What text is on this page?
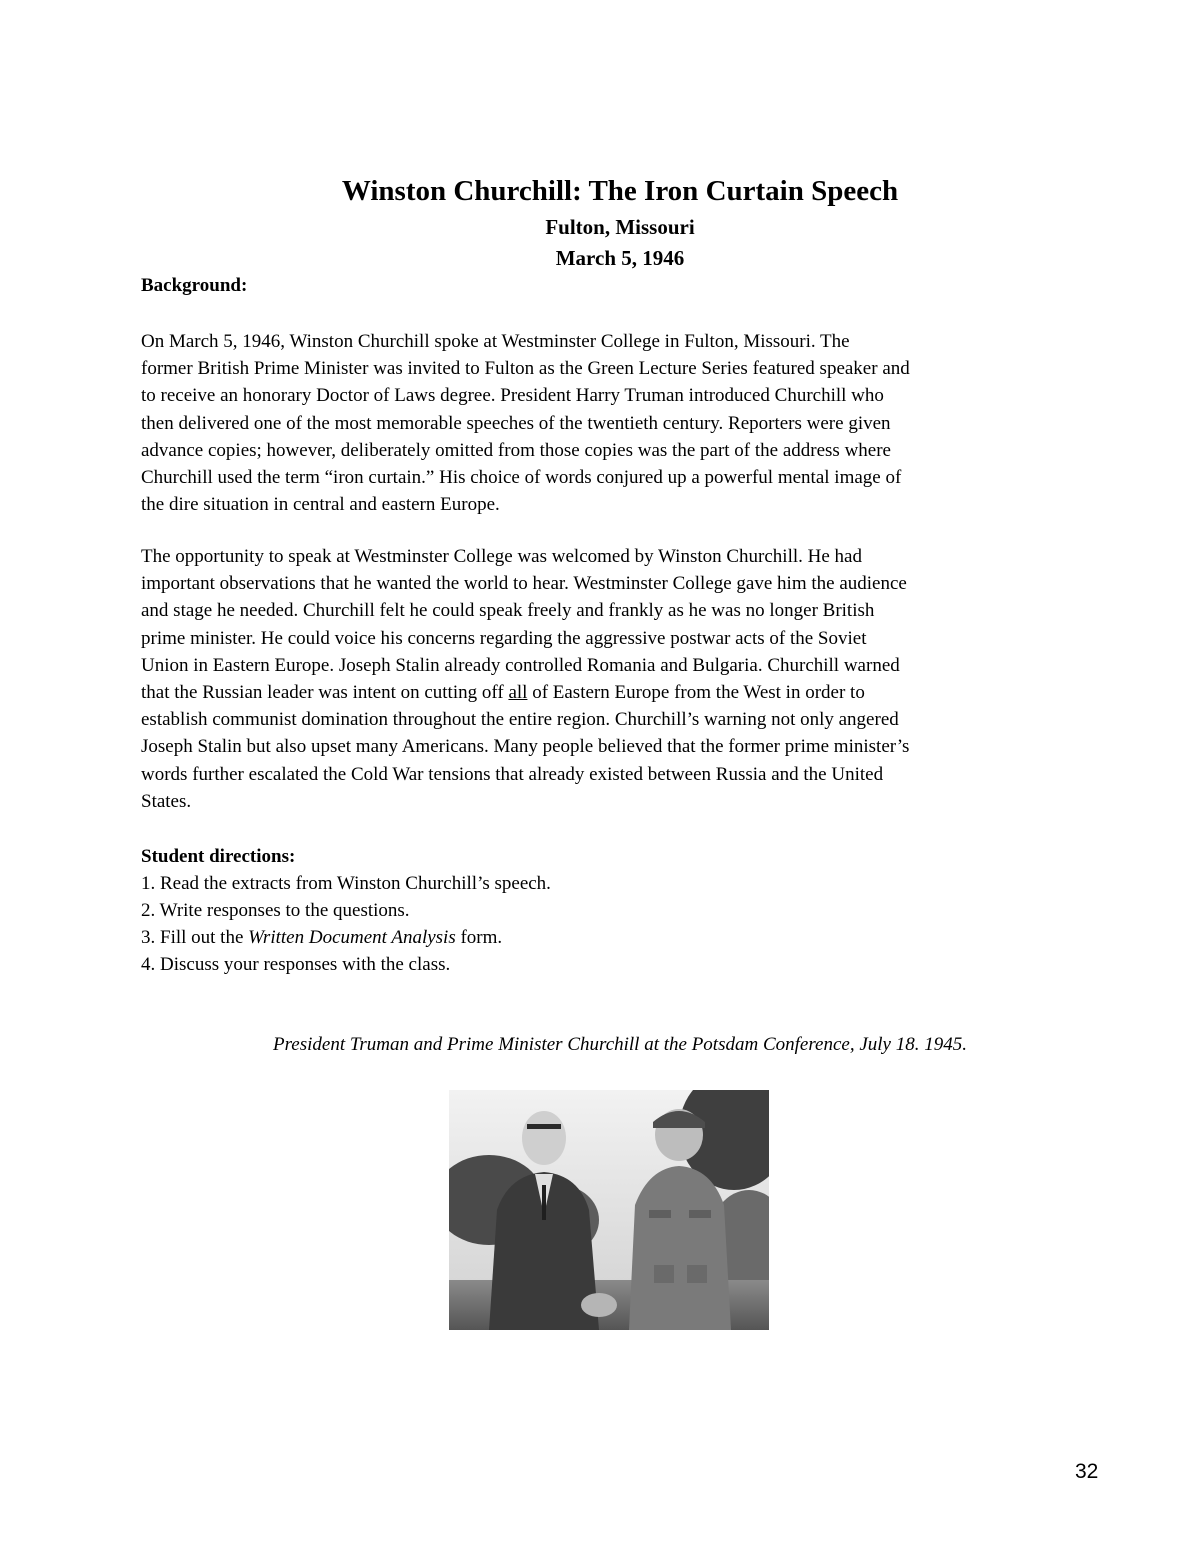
Winston Churchill: The Iron Curtain Speech
Fulton, Missouri
March 5, 1946
Background:

On March 5, 1946, Winston Churchill spoke at Westminster College in Fulton, Missouri. The
former British Prime Minister was invited to Fulton as the Green Lecture Series featured speaker and
to receive an honorary Doctor of Laws degree. President Harry Truman introduced Churchill who
then delivered one of the most memorable speeches of the twentieth century. Reporters were given
advance copies; however, deliberately omitted from those copies was the part of the address where
Churchill used the term “iron curtain.” His choice of words conjured up a powerful mental image of
the dire situation in central and eastern Europe.

The opportunity to speak at Westminster College was welcomed by Winston Churchill. He had
important observations that he wanted the world to hear. Westminster College gave him the audience
and stage he needed. Churchill felt he could speak freely and frankly as he was no longer British
prime minister. He could voice his concerns regarding the aggressive postwar acts of the Soviet
Union in Eastern Europe. Joseph Stalin already controlled Romania and Bulgaria. Churchill warned
that the Russian leader was intent on cutting off all of Eastern Europe from the West in order to
establish communist domination throughout the entire region. Churchill’s warning not only angered
Joseph Stalin but also upset many Americans. Many people believed that the former prime minister’s
words further escalated the Cold War tensions that already existed between Russia and the United
States.

Student directions:
1. Read the extracts from Winston Churchill’s speech.
2. Write responses to the questions.
3. Fill out the Written Document Analysis form.
4. Discuss your responses with the class.
President Truman and Prime Minister Churchill at the Potsdam Conference, July 18. 1945.
32
